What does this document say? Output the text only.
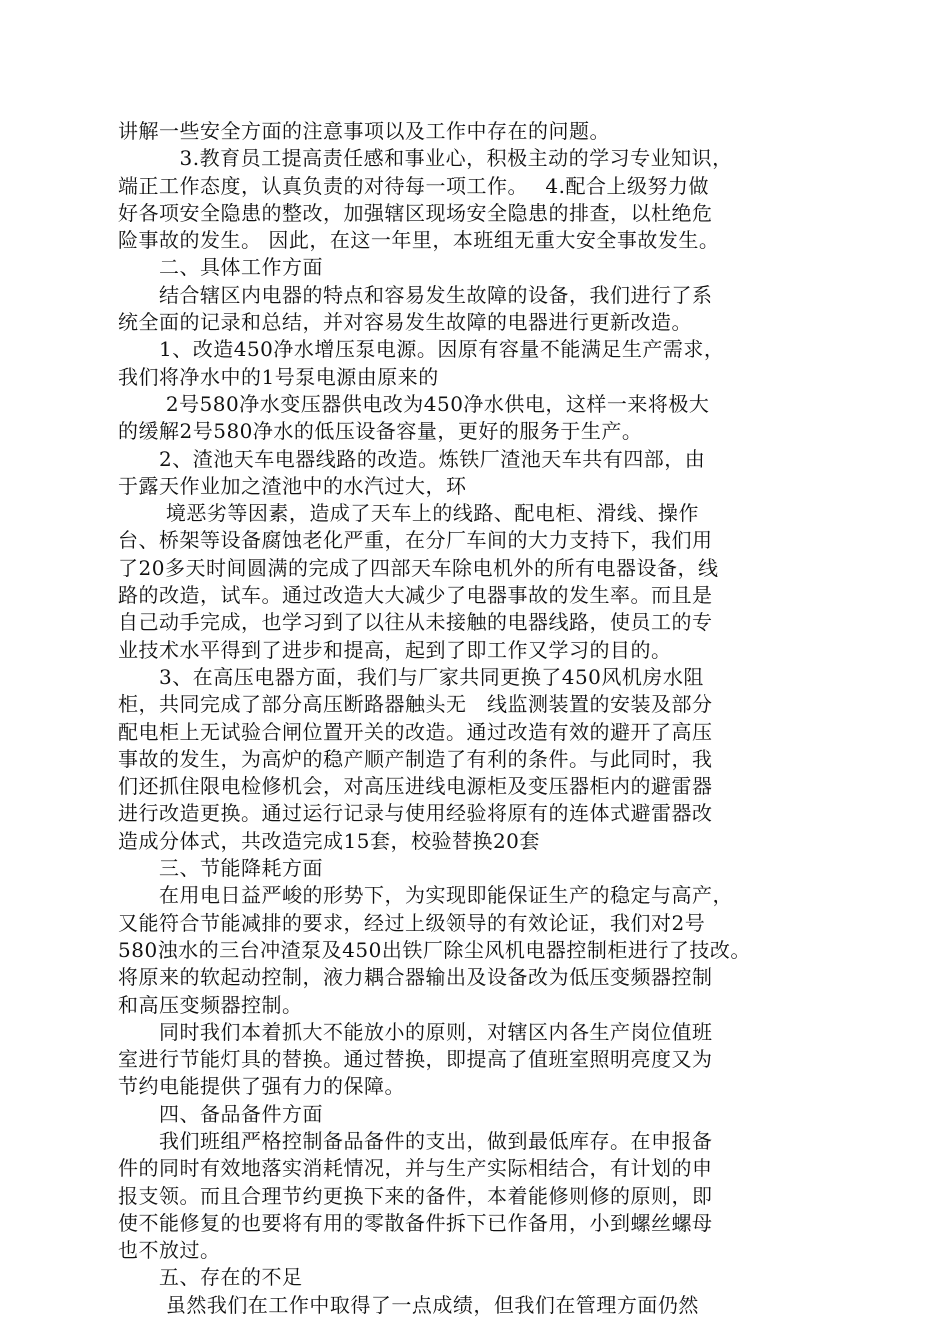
讲解一些安全方面的注意事项以及工作中存在的问题。
　　　3.教育员工提高责任感和事业心，积极主动的学习专业知识，
端正工作态度，认真负责的对待每一项工作。　 4.配合上级努力做
好各项安全隐患的整改，加强辖区现场安全隐患的排查，以杜绝危
险事故的发生。 因此，在这一年里，本班组无重大安全事故发生。
　　二、具体工作方面
　　结合辖区内电器的特点和容易发生故障的设备，我们进行了系
统全面的记录和总结，并对容易发生故障的电器进行更新改造。
　　1、改造450净水增压泵电源。因原有容量不能满足生产需求，
我们将净水中的1号泵电源由原来的
　　 2号580净水变压器供电改为450净水供电，这样一来将极大
的缓解2号580净水的低压设备容量，更好的服务于生产。
　　2、渣池天车电器线路的改造。炼铁厂渣池天车共有四部，由
于露天作业加之渣池中的水汽过大，环
　　 境恶劣等因素，造成了天车上的线路、配电柜、滑线、操作
台、桥架等设备腐蚀老化严重，在分厂车间的大力支持下，我们用
了20多天时间圆满的完成了四部天车除电机外的所有电器设备，线
路的改造，试车。通过改造大大减少了电器事故的发生率。而且是
自己动手完成，也学习到了以往从未接触的电器线路，使员工的专
业技术水平得到了进步和提高，起到了即工作又学习的目的。
　　3、在高压电器方面，我们与厂家共同更换了450风机房水阻
柜，共同完成了部分高压断路器触头无　线监测装置的安装及部分
配电柜上无试验合闸位置开关的改造。通过改造有效的避开了高压
事故的发生，为高炉的稳产顺产制造了有利的条件。与此同时，我
们还抓住限电检修机会，对高压进线电源柜及变压器柜内的避雷器
进行改造更换。通过运行记录与使用经验将原有的连体式避雷器改
造成分体式，共改造完成15套，校验替换20套
　　三、节能降耗方面
　　在用电日益严峻的形势下，为实现即能保证生产的稳定与高产，
又能符合节能减排的要求，经过上级领导的有效论证，我们对2号
580浊水的三台冲渣泵及450出铁厂除尘风机电器控制柜进行了技改。
将原来的软起动控制，液力耦合器输出及设备改为低压变频器控制
和高压变频器控制。
　　同时我们本着抓大不能放小的原则，对辖区内各生产岗位值班
室进行节能灯具的替换。通过替换，即提高了值班室照明亮度又为
节约电能提供了强有力的保障。
　　四、备品备件方面
　　我们班组严格控制备品备件的支出，做到最低库存。在申报备
件的同时有效地落实消耗情况，并与生产实际相结合，有计划的申
报支领。而且合理节约更换下来的备件，本着能修则修的原则，即
使不能修复的也要将有用的零散备件拆下已作备用，小到螺丝螺母
也不放过。
　　五、存在的不足
　　 虽然我们在工作中取得了一点成绩，但我们在管理方面仍然
